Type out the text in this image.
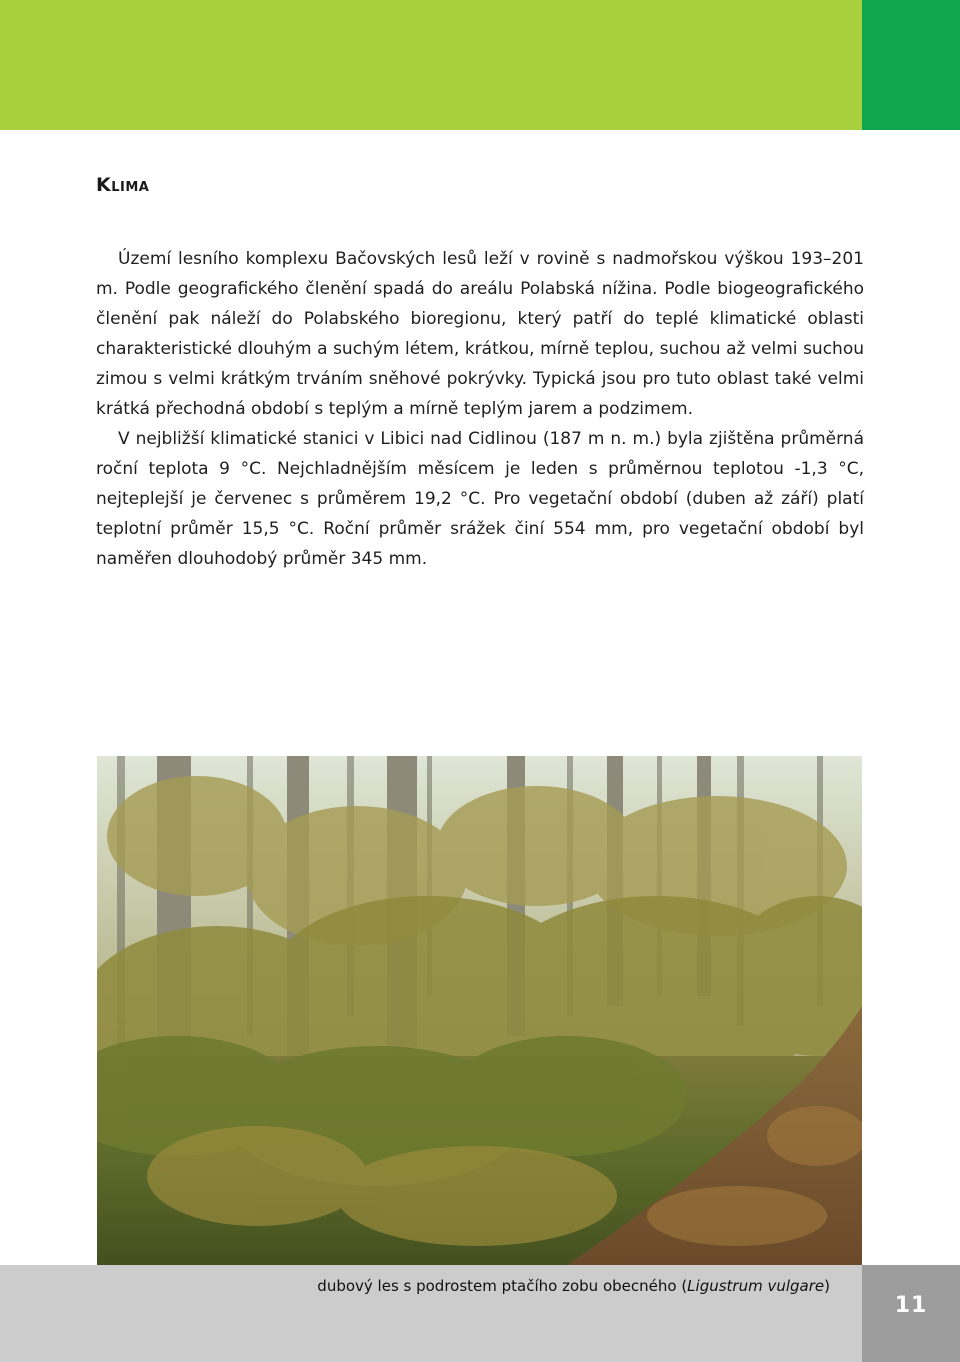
Klima

Území lesního komplexu Bačovských lesů leží v rovině s nadmořskou výškou 193–201 m. Podle geografického členění spadá do areálu Polabská nížina. Podle biogeografického členění pak náleží do Polabského bioregionu, který patří do teplé klimatické oblasti charakteristické dlouhým a suchým létem, krátkou, mírně teplou, suchou až velmi suchou zimou s velmi krátkým trváním sněhové pokrývky. Typická jsou pro tuto oblast také velmi krátká přechodná období s teplým a mírně teplým jarem a podzimem.

V nejbližší klimatické stanici v Libici nad Cidlinou (187 m n. m.) byla zjištěna průměrná roční teplota 9 °C. Nejchladnějším měsícem je leden s průměrnou teplotou -1,3 °C, nejteplejší je červenec s průměrem 19,2 °C. Pro vegetační období (duben až září) platí teplotní průměr 15,5 °C. Roční průměr srážek činí 554 mm, pro vegetační období byl naměřen dlouhodobý průměr 345 mm.

dubový les s podrostem ptačího zobu obecného (Ligustrum vulgare)
11
